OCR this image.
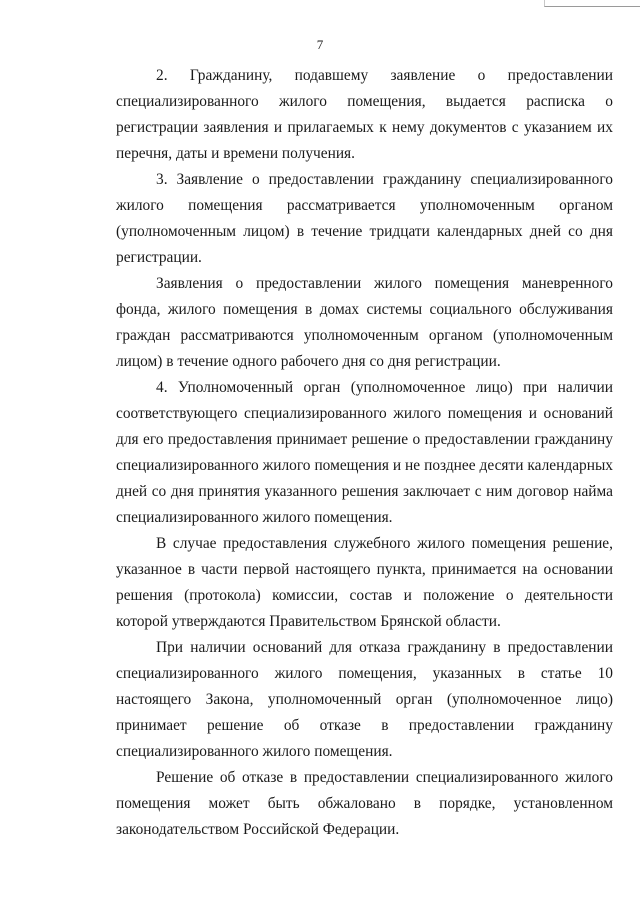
7

2. Гражданину, подавшему заявление о предоставлении специализированного жилого помещения, выдается расписка о регистрации заявления и прилагаемых к нему документов с указанием их перечня, даты и времени получения.

3. Заявление о предоставлении гражданину специализированного жилого помещения рассматривается уполномоченным органом (уполномоченным лицом) в течение тридцати календарных дней со дня регистрации.

Заявления о предоставлении жилого помещения маневренного фонда, жилого помещения в домах системы социального обслуживания граждан рассматриваются уполномоченным органом (уполномоченным лицом) в течение одного рабочего дня со дня регистрации.

4. Уполномоченный орган (уполномоченное лицо) при наличии соответствующего специализированного жилого помещения и оснований для его предоставления принимает решение о предоставлении гражданину специализированного жилого помещения и не позднее десяти календарных дней со дня принятия указанного решения заключает с ним договор найма специализированного жилого помещения.

В случае предоставления служебного жилого помещения решение, указанное в части первой настоящего пункта, принимается на основании решения (протокола) комиссии, состав и положение о деятельности которой утверждаются Правительством Брянской области.

При наличии оснований для отказа гражданину в предоставлении специализированного жилого помещения, указанных в статье 10 настоящего Закона, уполномоченный орган (уполномоченное лицо) принимает решение об отказе в предоставлении гражданину специализированного жилого помещения.

Решение об отказе в предоставлении специализированного жилого помещения может быть обжаловано в порядке, установленном законодательством Российской Федерации.
